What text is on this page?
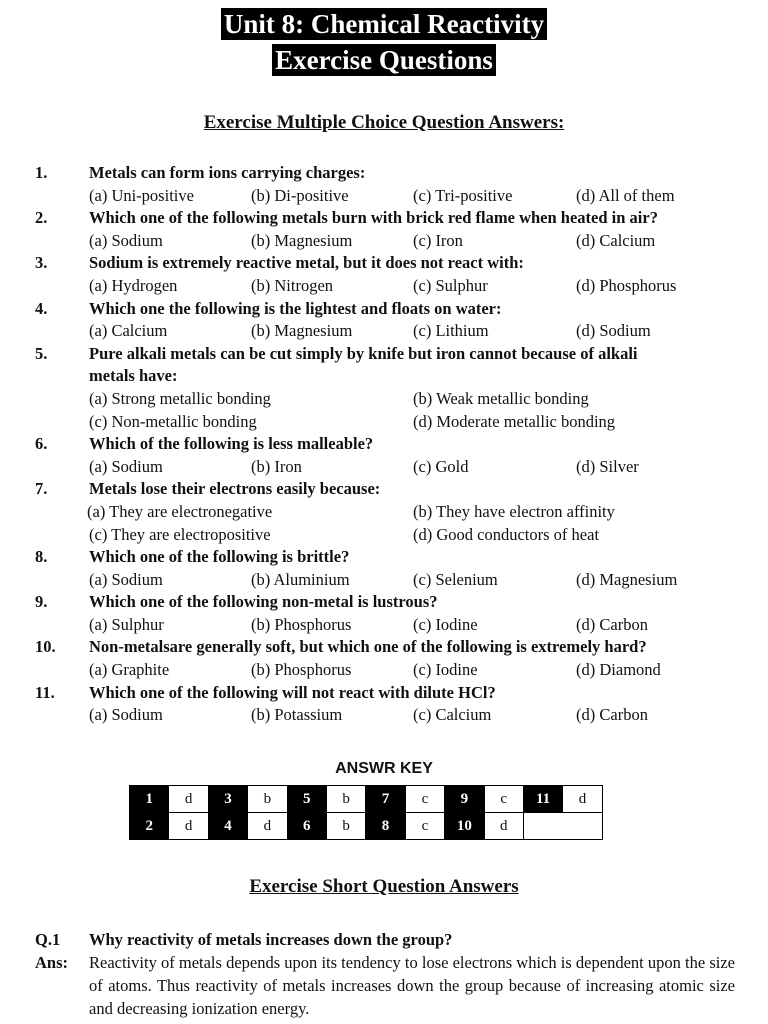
Unit 8: Chemical Reactivity
Exercise Questions
Exercise Multiple Choice Question Answers:
1.	Metals can form ions carrying charges:
(a) Uni-positive	(b) Di-positive	(c) Tri-positive	(d) All of them
2.	Which one of the following metals burn with brick red flame when heated in air?
(a) Sodium	(b) Magnesium	(c) Iron	(d) Calcium
3.	Sodium is extremely reactive metal, but it does not react with:
(a) Hydrogen	(b) Nitrogen	(c) Sulphur	(d) Phosphorus
4.	Which one the following is the lightest and floats on water:
(a) Calcium	(b) Magnesium	(c) Lithium	(d) Sodium
5.	Pure alkali metals can be cut simply by knife but iron cannot because of alkali
metals have:
(a) Strong metallic bonding	(b) Weak metallic bonding
(c) Non-metallic bonding	(d) Moderate metallic bonding
6.	Which of the following is less malleable?
(a) Sodium	(b) Iron	(c) Gold	(d) Silver
7.	Metals lose their electrons easily because:
(a) They are electronegative	(b) They have electron affinity
(c) They are electropositive	(d) Good conductors of heat
8.	Which one of the following is brittle?
(a) Sodium	(b) Aluminium	(c) Selenium	(d) Magnesium
9.	Which one of the following non-metal is lustrous?
(a) Sulphur	(b) Phosphorus	(c) Iodine	(d) Carbon
10. Non-metalsare generally soft, but which one of the following is extremely hard?
(a) Graphite	(b) Phosphorus	(c) Iodine	(d) Diamond
11. Which one of the following will not react with dilute HCl?
(a) Sodium	(b) Potassium	(c) Calcium	(d) Carbon
ANSWR KEY
1	d	3	b	5	b	7	c	9	c	11	d
2	d	4	d	6	b	8	c	10	d		
Exercise Short Question Answers
Q.1 Why reactivity of metals increases down the group?
Ans: Reactivity of metals depends upon its tendency to lose electrons which is dependent upon the size of atoms. Thus reactivity of metals increases down the group because of increasing atomic size and decreasing ionization energy.
